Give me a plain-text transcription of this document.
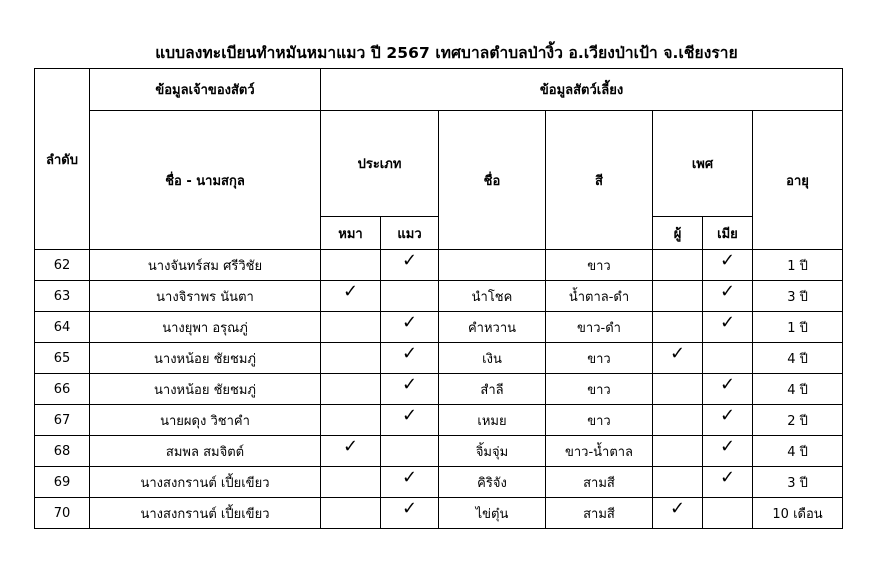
แบบลงทะเบียนทำหมันหมาแมว ปี 2567 เทศบาลตำบลป่างิ้ว อ.เวียงป่าเป้า จ.เชียงราย
ลำดับ	ข้อมูลเจ้าของสัตว์	ข้อมูลสัตว์เลี้ยง						
	ชื่อ - นามสกุล	ประเภท		ชื่อ	สี	เพศ		อายุ
		หมา	แมว			ผู้	เมีย	
62	นางจันทร์สม ศรีวิชัย		✓		ขาว		✓	1 ปี
63	นางจิราพร นันตา	✓		นำโชค	น้ำตาล-ดำ		✓	3 ปี
64	นางยุพา อรุณภู่		✓	คำหวาน	ขาว-ดำ		✓	1 ปี
65	นางหน้อย ชัยชมภู่		✓	เงิน	ขาว	✓		4 ปี
66	นางหน้อย ชัยชมภู่		✓	สำลี	ขาว		✓	4 ปี
67	นายผดุง วิชาคำ		✓	เหมย	ขาว		✓	2 ปี
68	สมพล สมจิตต์	✓		จิ้มจุ่ม	ขาว-น้ำตาล		✓	4 ปี
69	นางสงกรานต์ เปี้ยเขียว		✓	คิริจัง	สามสี		✓	3 ปี
70	นางสงกรานต์ เปี้ยเขียว		✓	ไข่ตุ๋น	สามสี	✓		10 เดือน
